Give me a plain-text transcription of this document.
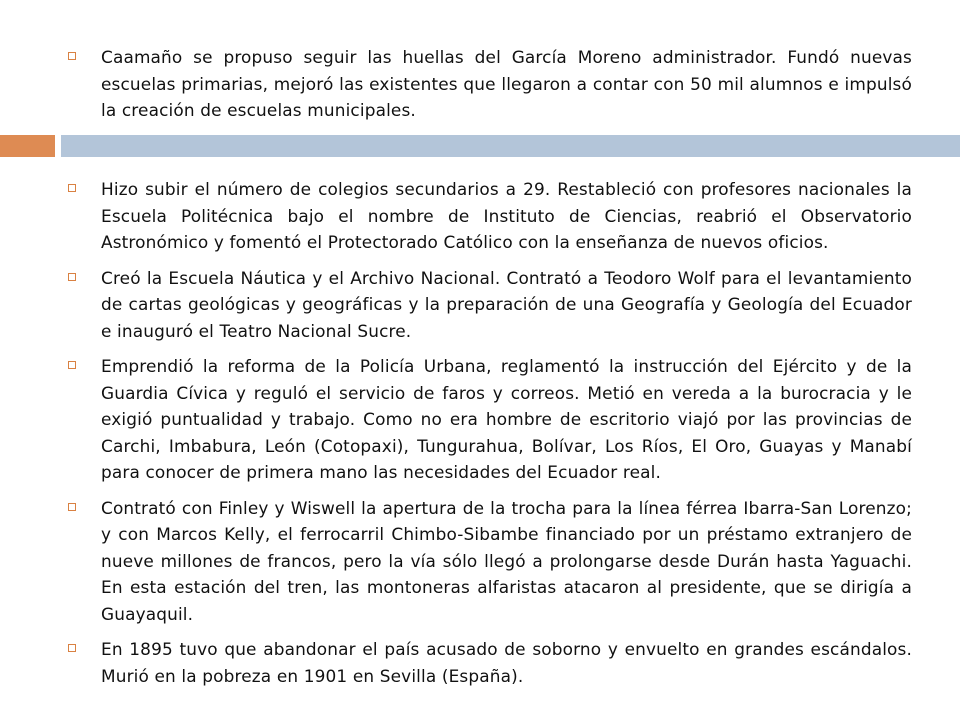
Caamaño se propuso seguir las huellas del García Moreno administrador. Fundó nuevas escuelas primarias, mejoró las existentes que llegaron a contar con 50 mil alumnos e impulsó la creación de escuelas municipales.
Hizo subir el número de colegios secundarios a 29. Restableció con profesores nacionales la Escuela Politécnica bajo el nombre de Instituto de Ciencias, reabrió el Observatorio Astronómico y fomentó el Protectorado Católico con la enseñanza de nuevos oficios.
Creó la Escuela Náutica y el Archivo Nacional. Contrató a Teodoro Wolf para el levantamiento de cartas geológicas y geográficas y la preparación de una Geografía y Geología del Ecuador e inauguró el Teatro Nacional Sucre.
Emprendió la reforma de la Policía Urbana, reglamentó la instrucción del Ejército y de la Guardia Cívica y reguló el servicio de faros y correos. Metió en vereda a la burocracia y le exigió puntualidad y trabajo. Como no era hombre de escritorio viajó por las provincias de Carchi, Imbabura, León (Cotopaxi), Tungurahua, Bolívar, Los Ríos, El Oro, Guayas y Manabí para conocer de primera mano las necesidades del Ecuador real.
Contrató con Finley y Wiswell la apertura de la trocha para la línea férrea Ibarra-San Lorenzo; y con Marcos Kelly, el ferrocarril Chimbo-Sibambe financiado por un préstamo extranjero de nueve millones de francos, pero la vía sólo llegó a prolongarse desde Durán hasta Yaguachi. En esta estación del tren, las montoneras alfaristas atacaron al presidente, que se dirigía a Guayaquil.
En 1895 tuvo que abandonar el país acusado de soborno y envuelto en grandes escándalos. Murió en la pobreza en 1901 en Sevilla (España).
